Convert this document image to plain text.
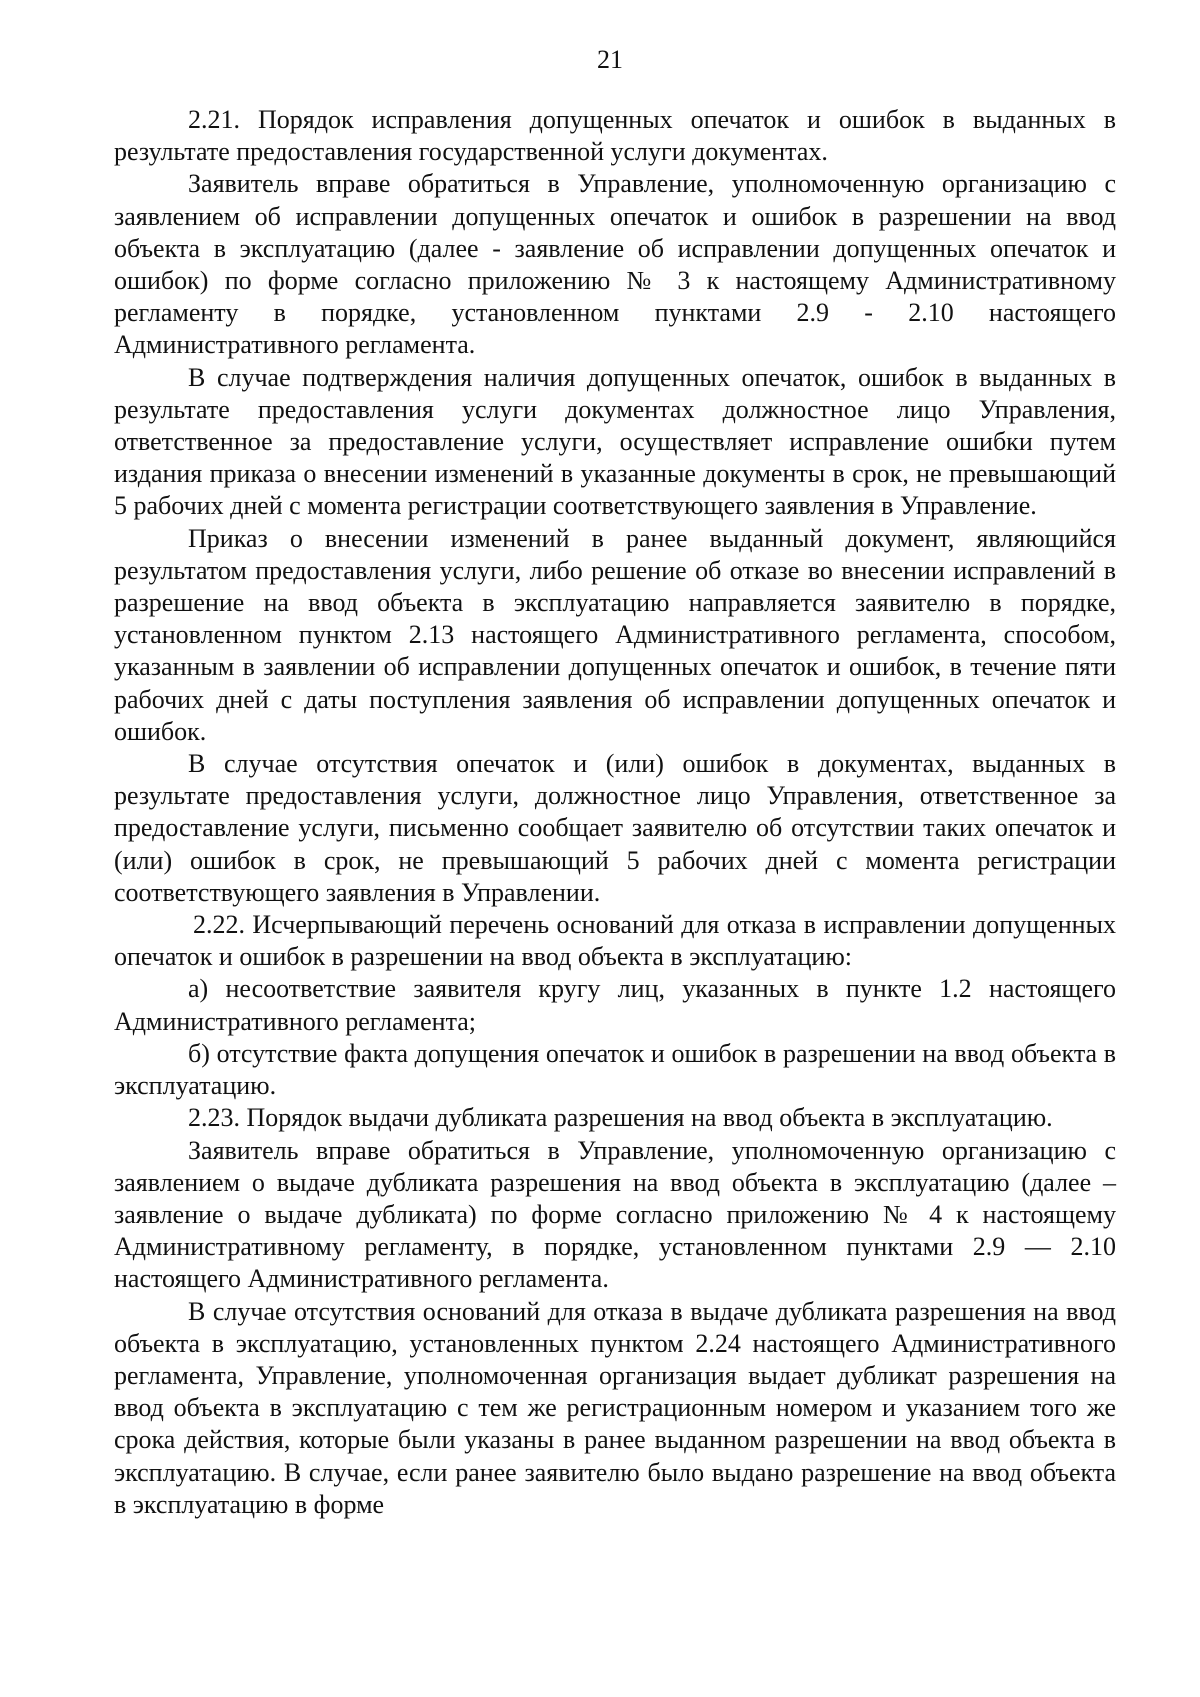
21

2.21. Порядок исправления допущенных опечаток и ошибок в выданных в результате предоставления государственной услуги документах.

Заявитель вправе обратиться в Управление, уполномоченную организацию с заявлением об исправлении допущенных опечаток и ошибок в разрешении на ввод объекта в эксплуатацию (далее - заявление об исправлении допущенных опечаток и ошибок) по форме согласно приложению № 3 к настоящему Административному регламенту в порядке, установленном пунктами 2.9 - 2.10 настоящего Административного регламента.

В случае подтверждения наличия допущенных опечаток, ошибок в выданных в результате предоставления услуги документах должностное лицо Управления, ответственное за предоставление услуги, осуществляет исправление ошибки путем издания приказа о внесении изменений в указанные документы в срок, не превышающий 5 рабочих дней с момента регистрации соответствующего заявления в Управление.

Приказ о внесении изменений в ранее выданный документ, являющийся результатом предоставления услуги, либо решение об отказе во внесении исправлений в разрешение на ввод объекта в эксплуатацию направляется заявителю в порядке, установленном пунктом 2.13 настоящего Административного регламента, способом, указанным в заявлении об исправлении допущенных опечаток и ошибок, в течение пяти рабочих дней с даты поступления заявления об исправлении допущенных опечаток и ошибок.

В случае отсутствия опечаток и (или) ошибок в документах, выданных в результате предоставления услуги, должностное лицо Управления, ответственное за предоставление услуги, письменно сообщает заявителю об отсутствии таких опечаток и (или) ошибок в срок, не превышающий 5 рабочих дней с момента регистрации соответствующего заявления в Управлении.

2.22. Исчерпывающий перечень оснований для отказа в исправлении допущенных опечаток и ошибок в разрешении на ввод объекта в эксплуатацию:

а) несоответствие заявителя кругу лиц, указанных в пункте 1.2 настоящего Административного регламента;

б) отсутствие факта допущения опечаток и ошибок в разрешении на ввод объекта в эксплуатацию.

2.23. Порядок выдачи дубликата разрешения на ввод объекта в эксплуатацию.

Заявитель вправе обратиться в Управление, уполномоченную организацию с заявлением о выдаче дубликата разрешения на ввод объекта в эксплуатацию (далее – заявление о выдаче дубликата) по форме согласно приложению № 4 к настоящему Административному регламенту, в порядке, установленном пунктами 2.9 — 2.10 настоящего Административного регламента.

В случае отсутствия оснований для отказа в выдаче дубликата разрешения на ввод объекта в эксплуатацию, установленных пунктом 2.24 настоящего Административного регламента, Управление, уполномоченная организация выдает дубликат разрешения на ввод объекта в эксплуатацию с тем же регистрационным номером и указанием того же срока действия, которые были указаны в ранее выданном разрешении на ввод объекта в эксплуатацию. В случае, если ранее заявителю было выдано разрешение на ввод объекта в эксплуатацию в форме
